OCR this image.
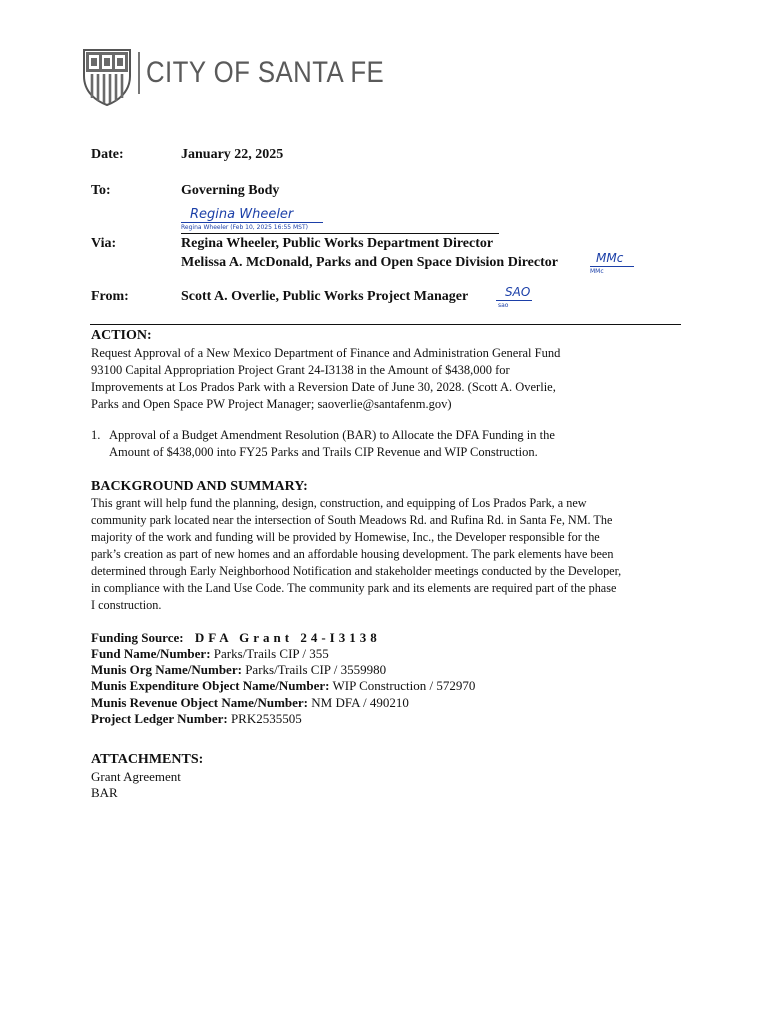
CITY OF SANTA FE
Date:	January 22, 2025
To:	Governing Body
Regina Wheeler
Regina Wheeler (Feb 10, 2025 16:55 MST)
Via:	Regina Wheeler, Public Works Department Director
Melissa A. McDonald, Parks and Open Space Division Director	MMc
MMc
From:	Scott A. Overlie, Public Works Project Manager	SAO
sao
ACTION:
Request Approval of a New Mexico Department of Finance and Administration General Fund
93100 Capital Appropriation Project Grant 24-I3138 in the Amount of $438,000 for
Improvements at Los Prados Park with a Reversion Date of June 30, 2028. (Scott A. Overlie,
Parks and Open Space PW Project Manager; saoverlie@santafenm.gov)
1. Approval of a Budget Amendment Resolution (BAR) to Allocate the DFA Funding in the
Amount of $438,000 into FY25 Parks and Trails CIP Revenue and WIP Construction.
BACKGROUND AND SUMMARY:
This grant will help fund the planning, design, construction, and equipping of Los Prados Park, a new
community park located near the intersection of South Meadows Rd. and Rufina Rd. in Santa Fe, NM. The
majority of the work and funding will be provided by Homewise, Inc., the Developer responsible for the
park’s creation as part of new homes and an affordable housing development. The park elements have been
determined through Early Neighborhood Notification and stakeholder meetings conducted by the Developer,
in compliance with the Land Use Code. The community park and its elements are required part of the phase
I construction.
Funding Source: DFA Grant 24-I3138
Fund Name/Number: Parks/Trails CIP / 355
Munis Org Name/Number: Parks/Trails CIP / 3559980
Munis Expenditure Object Name/Number: WIP Construction / 572970
Munis Revenue Object Name/Number: NM DFA / 490210
Project Ledger Number: PRK2535505
ATTACHMENTS:
Grant Agreement
BAR
